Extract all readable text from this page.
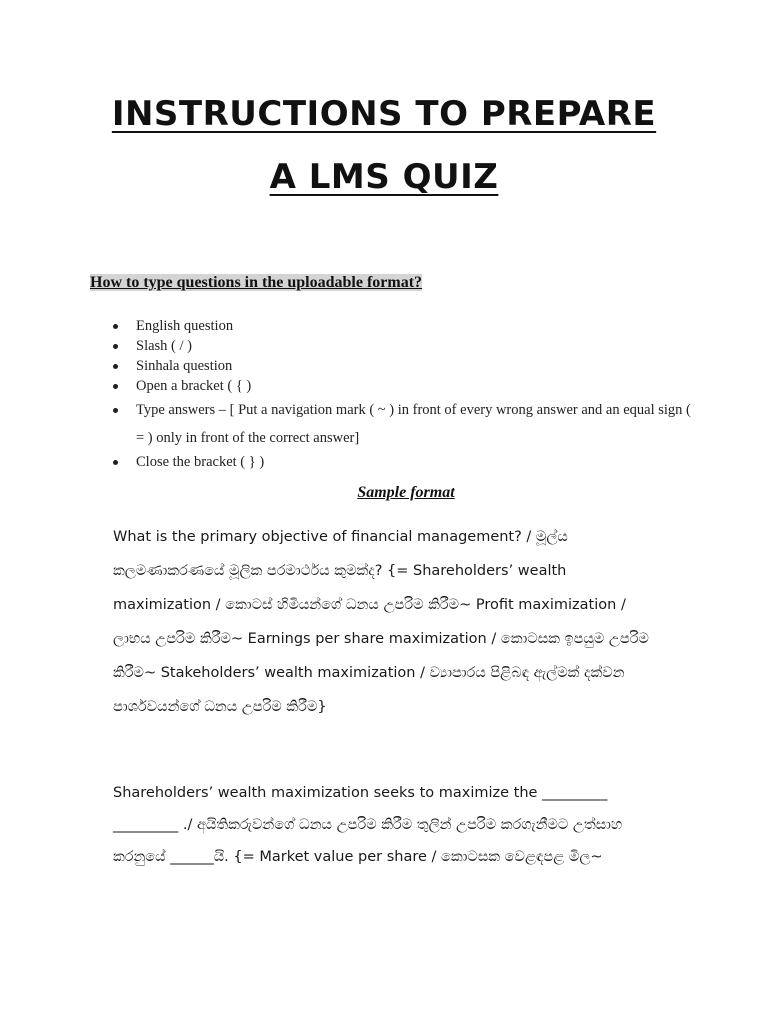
INSTRUCTIONS TO PREPARE
A LMS QUIZ
How to type questions in the uploadable format?
English question
Slash ( / )
Sinhala question
Open a bracket ( { )
Type answers – [ Put a navigation mark ( ~ ) in front of every wrong answer and an equal sign ( = ) only in front of the correct answer]
Close the bracket ( } )
Sample format
What is the primary objective of financial management? / මූල්ය
කලමණාකරණයේ මූලික පරමාර්ථය කුමක්ද? {= Shareholders’ wealth
maximization / කොටස් හිමියන්ගේ ධනය උපරිම කිරීම~ Profit maximization /
ලාභය උපරිම කිරීම~ Earnings per share maximization / කොටසක ඉපයුම උපරිම
කිරීම~ Stakeholders’ wealth maximization / ව්‍යාපාරය පිළිබඳ ඇල්මක් දක්වන
පාර්ශවයන්ගේ ධනය උපරිම කිරීම}
Shareholders’ wealth maximization seeks to maximize the _________
_________ ./ අයිතිකරුවන්ගේ ධනය උපරිම කිරීම තුලින් උපරිම කරගැනීමට උත්සාහ
කරනුයේ ______යි. {= Market value per share / කොටසක වෙළඳපළ මිල~
